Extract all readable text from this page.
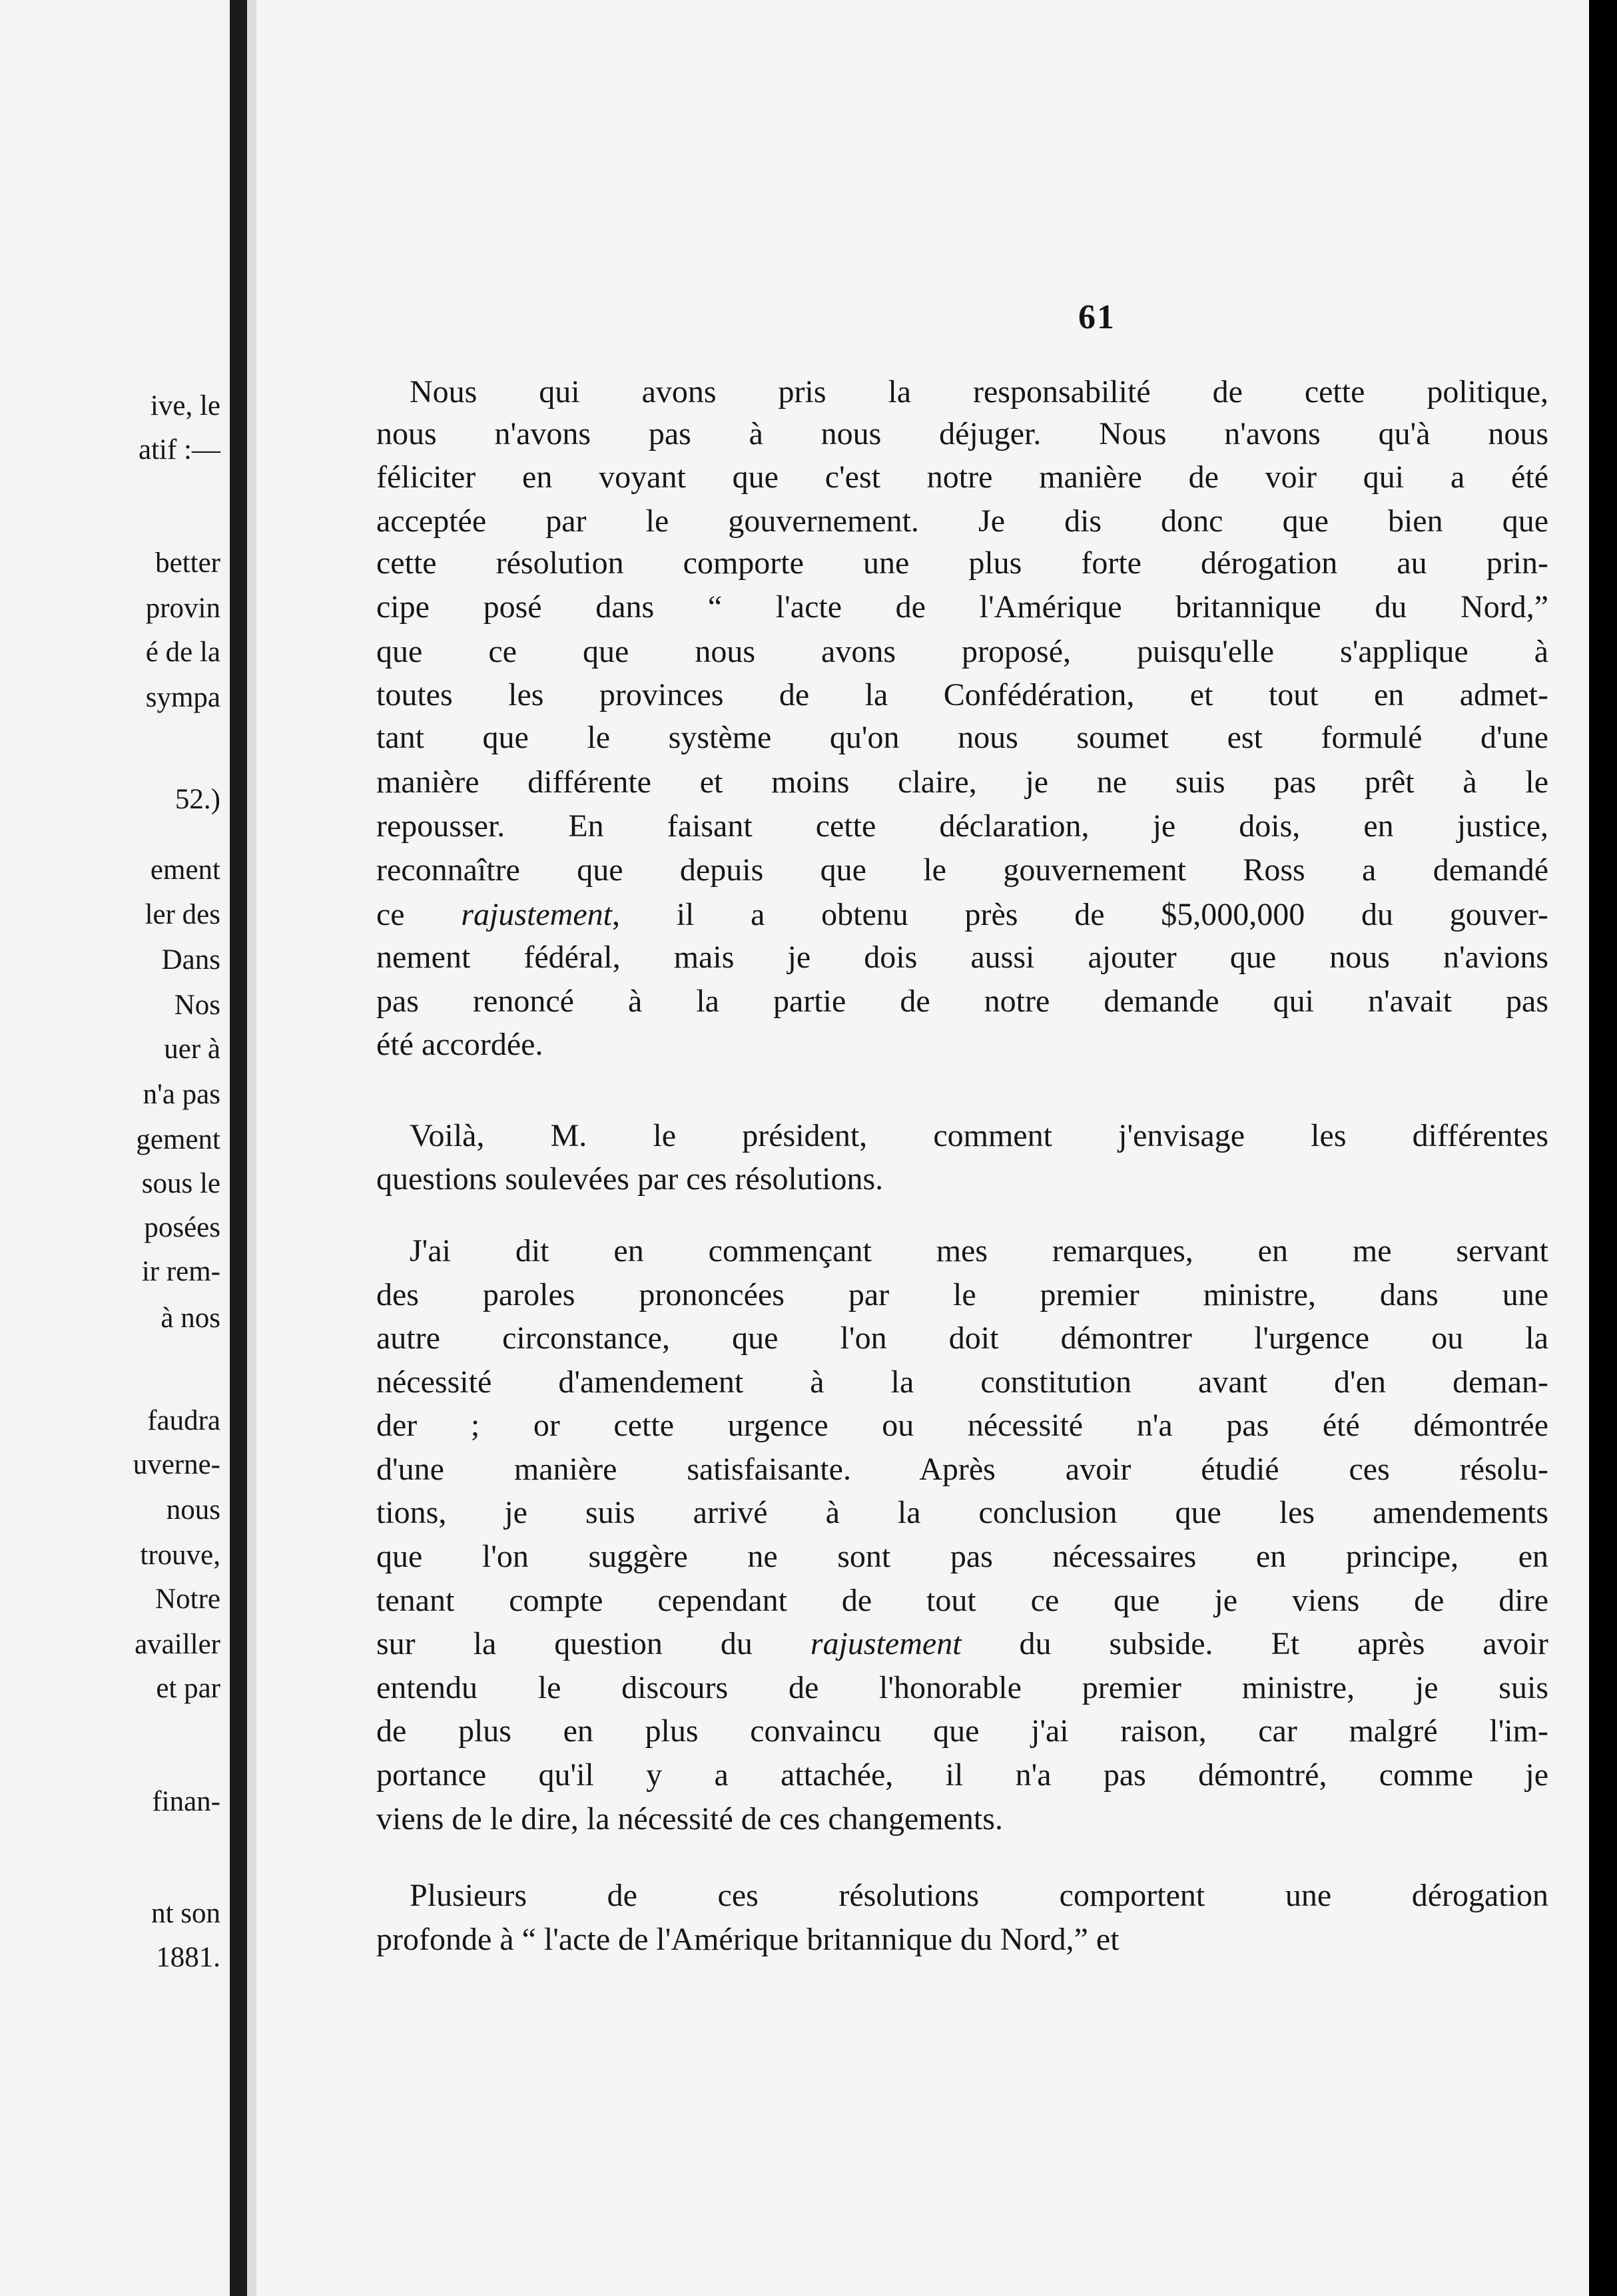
ive, le
atif :—
better
provin
é de la
sympa
52.)
ement
ler des
Dans
Nos
uer à
n'a pas
gement
sous le
posées
ir rem-
à nos
faudra
uverne-
nous
trouve,
Notre
availler
et par
finan-
nt son
1881.
61
Nous qui avons pris la responsabilité de cette politique,
nous n'avons pas à nous déjuger. Nous n'avons qu'à nous
féliciter en voyant que c'est notre manière de voir qui a été
acceptée par le gouvernement. Je dis donc que bien que
cette résolution comporte une plus forte dérogation au prin-
cipe posé dans “ l'acte de l'Amérique britannique du Nord,”
que ce que nous avons proposé, puisqu'elle s'applique à
toutes les provinces de la Confédération, et tout en admet-
tant que le système qu'on nous soumet est formulé d'une
manière différente et moins claire, je ne suis pas prêt à le
repousser. En faisant cette déclaration, je dois, en justice,
reconnaître que depuis que le gouvernement Ross a demandé
ce rajustement, il a obtenu près de $5,000,000 du gouver-
nement fédéral, mais je dois aussi ajouter que nous n'avions
pas renoncé à la partie de notre demande qui n'avait pas
été accordée.
Voilà, M. le président, comment j'envisage les différentes
questions soulevées par ces résolutions.
J'ai dit en commençant mes remarques, en me servant
des paroles prononcées par le premier ministre, dans une
autre circonstance, que l'on doit démontrer l'urgence ou la
nécessité d'amendement à la constitution avant d'en deman-
der ; or cette urgence ou nécessité n'a pas été démontrée
d'une manière satisfaisante. Après avoir étudié ces résolu-
tions, je suis arrivé à la conclusion que les amendements
que l'on suggère ne sont pas nécessaires en principe, en
tenant compte cependant de tout ce que je viens de dire
sur la question du rajustement du subside. Et après avoir
entendu le discours de l'honorable premier ministre, je suis
de plus en plus convaincu que j'ai raison, car malgré l'im-
portance qu'il y a attachée, il n'a pas démontré, comme je
viens de le dire, la nécessité de ces changements.
Plusieurs de ces résolutions comportent une dérogation
profonde à “ l'acte de l'Amérique britannique du Nord,” et
